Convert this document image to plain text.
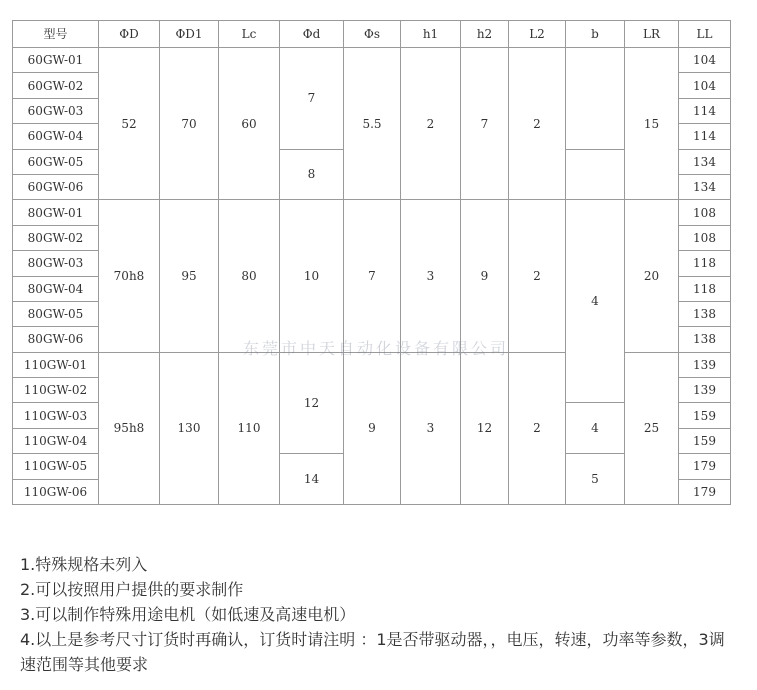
型号	ΦD	ΦD1	Lc	Φd	Φs	h1	h2	L2	b	LR	LL
60GW-01	52	70	60	7	5.5	2	7	2		15	104
60GW-02											104
60GW-03											114
60GW-04											114
60GW-05				8							134
60GW-06											134
80GW-01	70h8	95	80	10	7	3	9	2	4	20	108
80GW-02											108
80GW-03											118
80GW-04											118
80GW-05											138
80GW-06											138
110GW-01	95h8	130	110	12	9	3	12	2		25	139
110GW-02											139
110GW-03									4		159
110GW-04											159
110GW-05				14					5		179
110GW-06											179
东莞市中天自动化设备有限公司

1.特殊规格未列入

2.可以按照用户提供的要求制作

3.可以制作特殊用途电机（如低速及高速电机）

4.以上是参考尺寸订货时再确认，订货时请注明 ：1是否带驱动器，，电压，转速，功率等参数，3调速范围等其他要求
